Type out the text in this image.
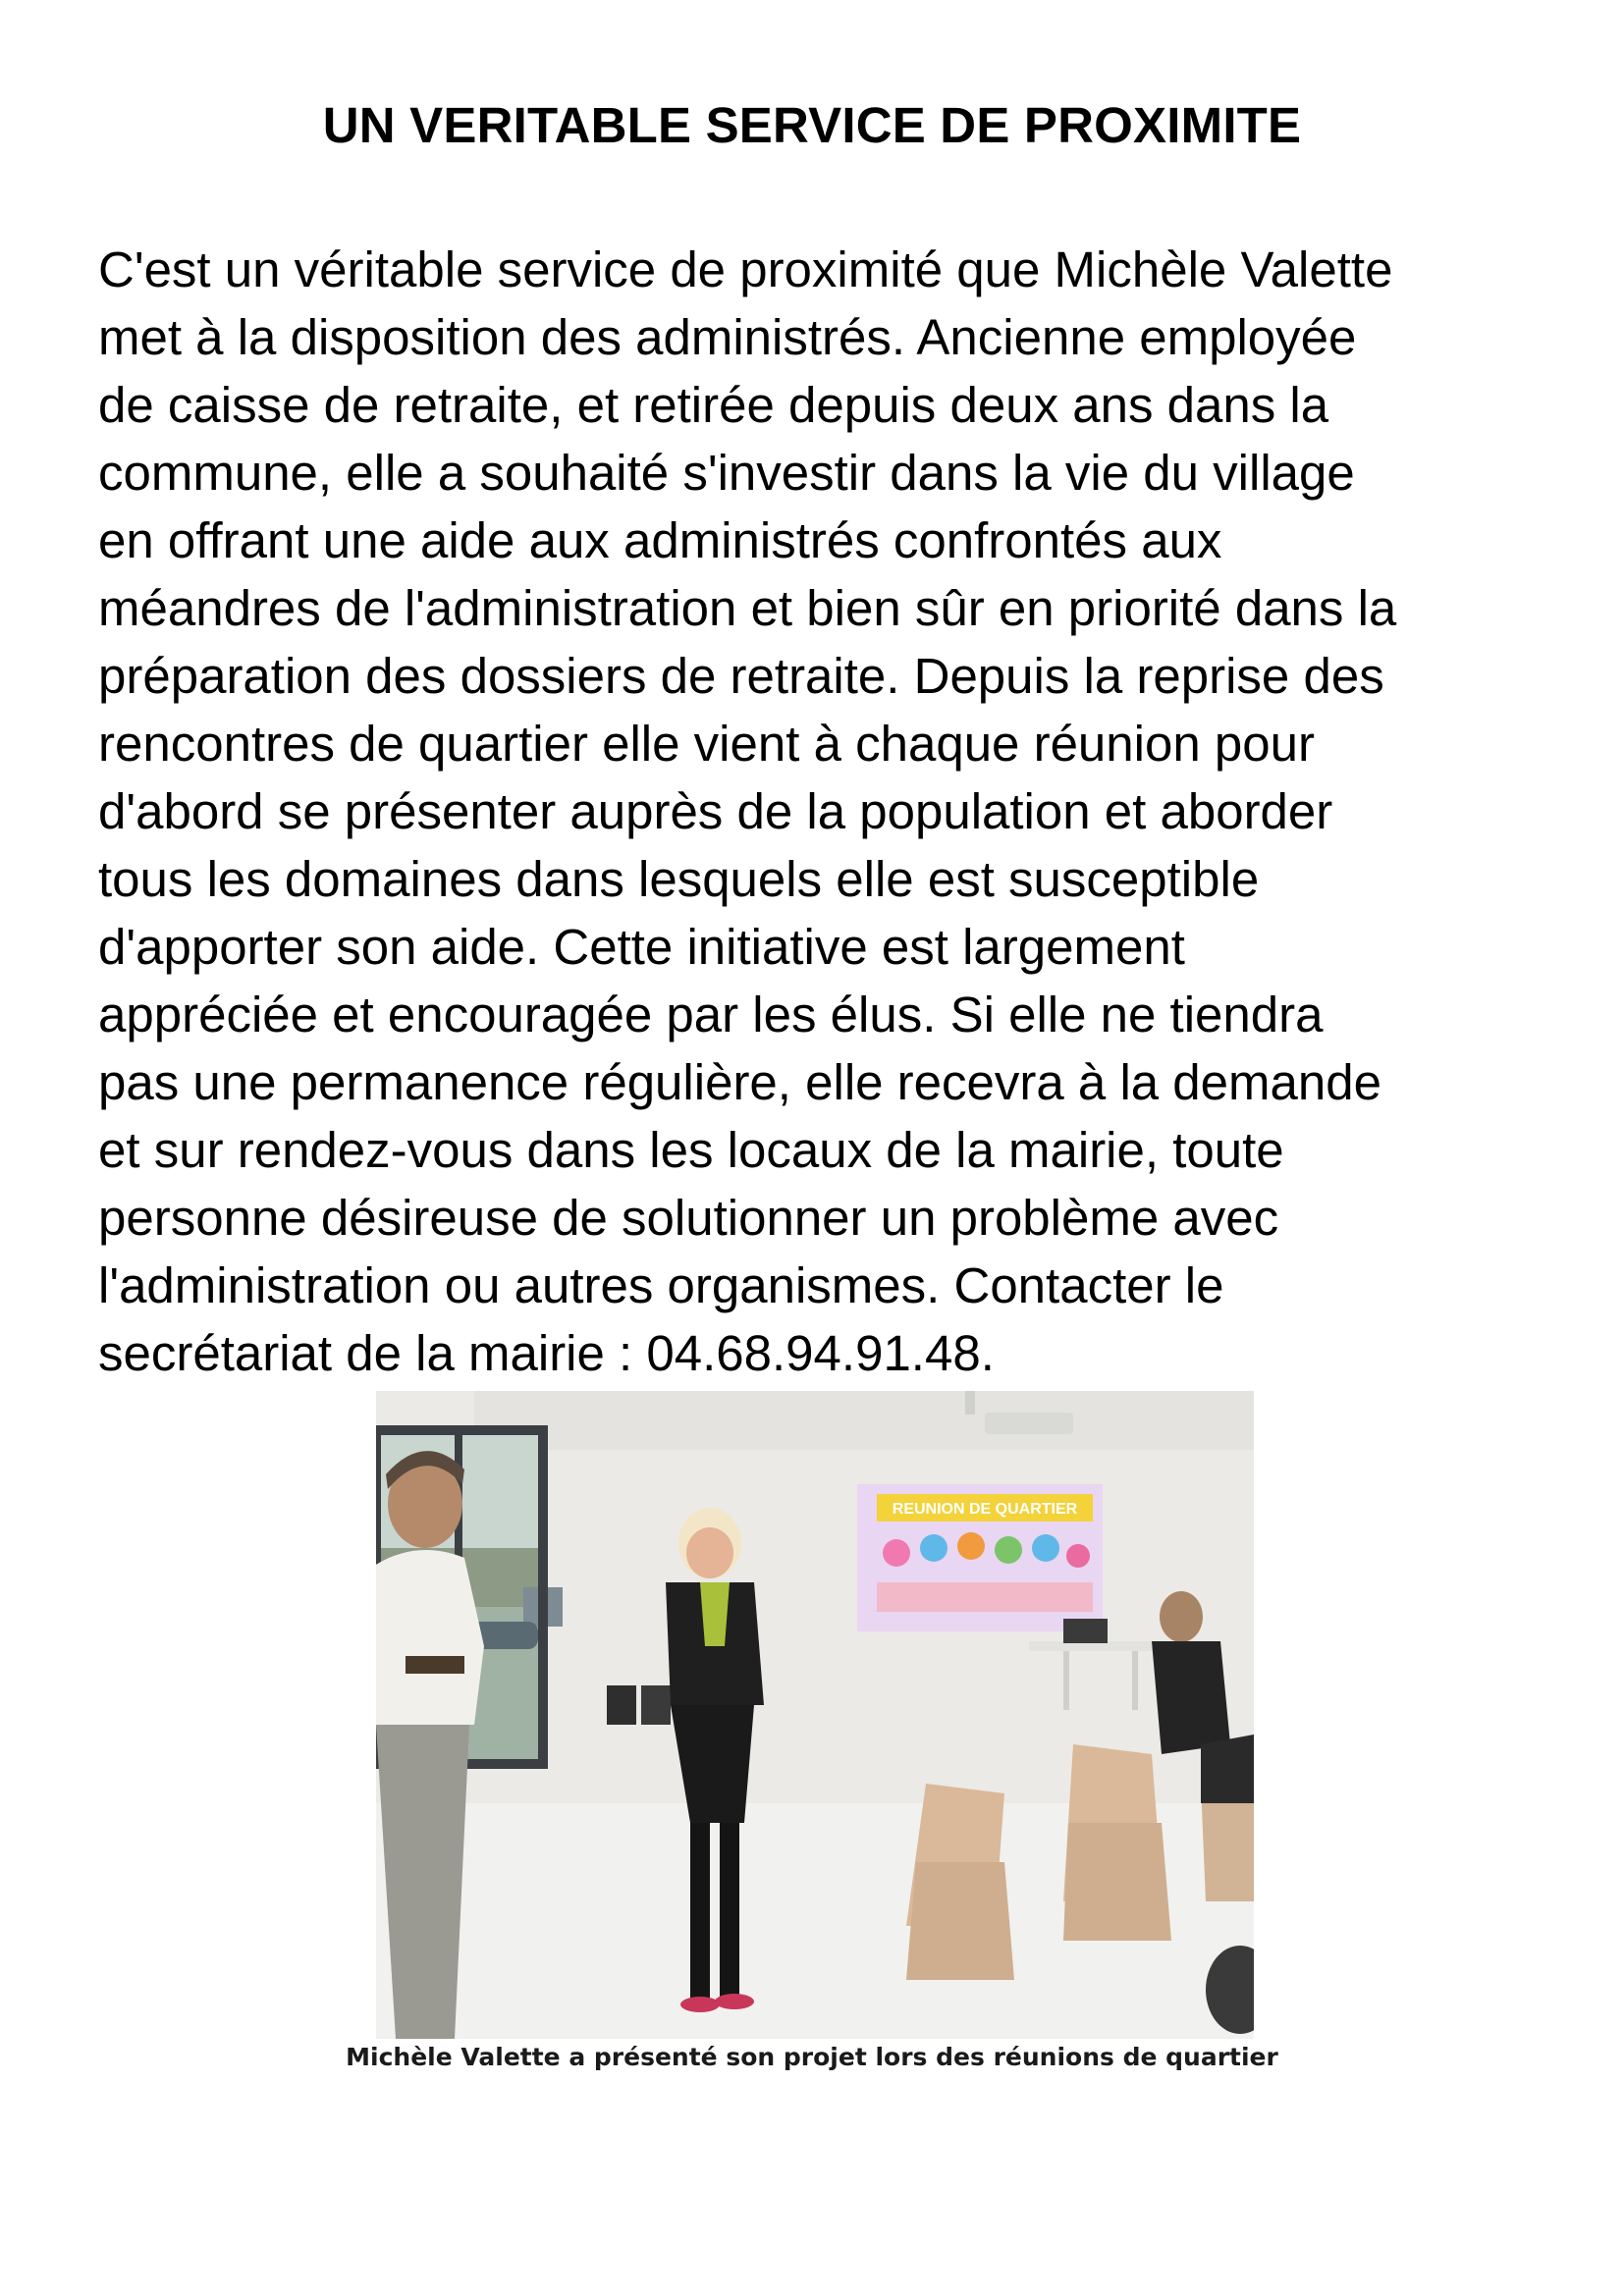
UN VERITABLE SERVICE DE PROXIMITE
C'est un véritable service de proximité que Michèle Valette
met à la disposition des administrés. Ancienne employée
de caisse de retraite, et retirée depuis deux ans dans la
commune, elle a souhaité s'investir dans la vie du village
en offrant une aide aux administrés confrontés aux
méandres de l'administration et bien sûr en priorité dans la
préparation des dossiers de retraite. Depuis la reprise des
rencontres de quartier elle vient à chaque réunion pour
d'abord se présenter auprès de la population et aborder
tous les domaines dans lesquels elle est susceptible
d'apporter son aide. Cette initiative est largement
appréciée et encouragée par les élus. Si elle ne tiendra
pas une permanence régulière, elle recevra à la demande
et sur rendez-vous dans les locaux de la mairie, toute
personne désireuse de solutionner un problème avec
l'administration ou autres organismes. Contacter le
secrétariat de la mairie : 04.68.94.91.48.
REUNION DE QUARTIER
Michèle Valette a présenté son projet lors des réunions de quartier
